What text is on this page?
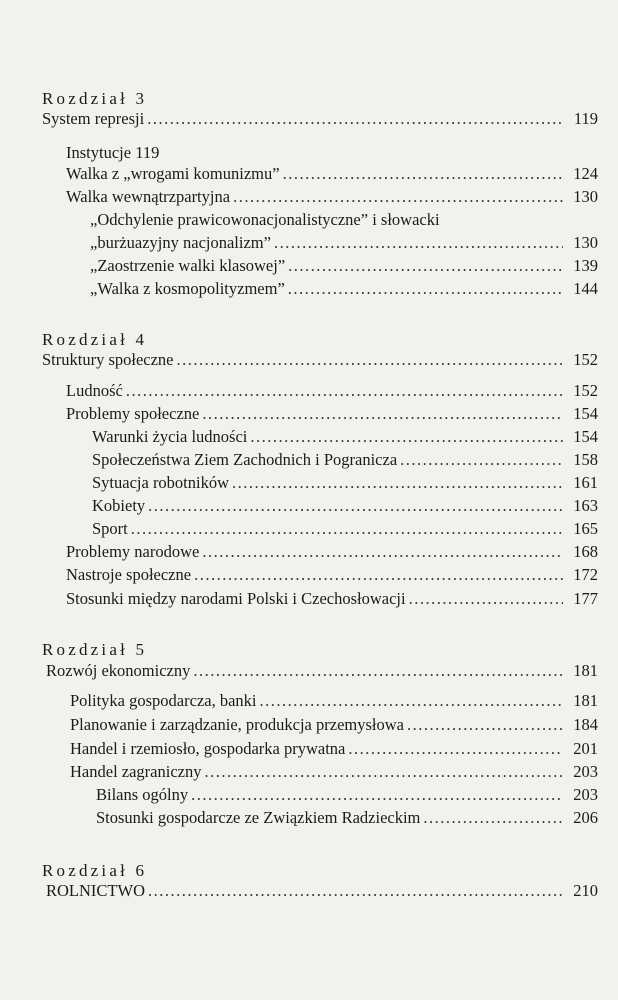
Rozdział 3
System represji .....	119
Instytucje 119
Walka z „wrogami komunizmu” .....	124
Walka wewnątrzpartyjna .....	130
„Odchylenie prawicowonacjonalistyczne” i słowacki
„burżuazyjny nacjonalizm” .....	130
„Zaostrzenie walki klasowej” .....	139
„Walka z kosmopolityzmem” .....	144
Rozdział 4
Struktury społeczne .....	152
Ludność .....	152
Problemy społeczne .....	154
Warunki życia ludności .....	154
Społeczeństwa Ziem Zachodnich i Pogranicza .....	158
Sytuacja robotników .....	161
Kobiety .....	163
Sport .....	165
Problemy narodowe .....	168
Nastroje społeczne .....	172
Stosunki między narodami Polski i Czechosłowacji .....	177
Rozdział 5
Rozwój ekonomiczny .....	181
Polityka gospodarcza, banki .....	181
Planowanie i zarządzanie, produkcja przemysłowa .....	184
Handel i rzemiosło, gospodarka prywatna .....	201
Handel zagraniczny .....	203
Bilans ogólny .....	203
Stosunki gospodarcze ze Związkiem Radzieckim .....	206
Rozdział 6
ROLNICTWO .....	210
